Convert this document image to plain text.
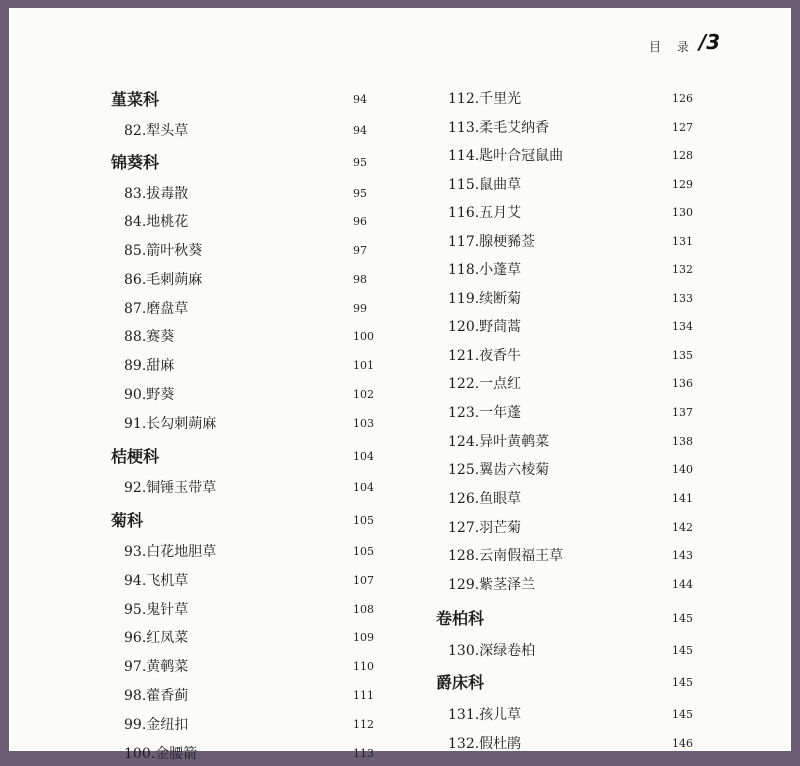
目 录 /3
堇菜科	94
82.犁头草	94
锦葵科	95
83.拔毒散	95
84.地桃花	96
85.箭叶秋葵	97
86.毛刺蒴麻	98
87.磨盘草	99
88.赛葵	100
89.甜麻	101
90.野葵	102
91.长勾刺蒴麻	103
桔梗科	104
92.铜锤玉带草	104
菊科	105
93.白花地胆草	105
94.飞机草	107
95.鬼针草	108
96.红凤菜	109
97.黄鹌菜	110
98.藿香蓟	111
99.金纽扣	112
100.金腰箭	113
112.千里光	126
113.柔毛艾纳香	127
114.匙叶合冠鼠曲	128
115.鼠曲草	129
116.五月艾	130
117.腺梗豨莶	131
118.小蓬草	132
119.续断菊	133
120.野茼蒿	134
121.夜香牛	135
122.一点红	136
123.一年蓬	137
124.异叶黄鹌菜	138
125.翼齿六棱菊	140
126.鱼眼草	141
127.羽芒菊	142
128.云南假福王草	143
129.紫茎泽兰	144
卷柏科	145
130.深绿卷柏	145
爵床科	145
131.孩儿草	145
132.假杜鹃	146
